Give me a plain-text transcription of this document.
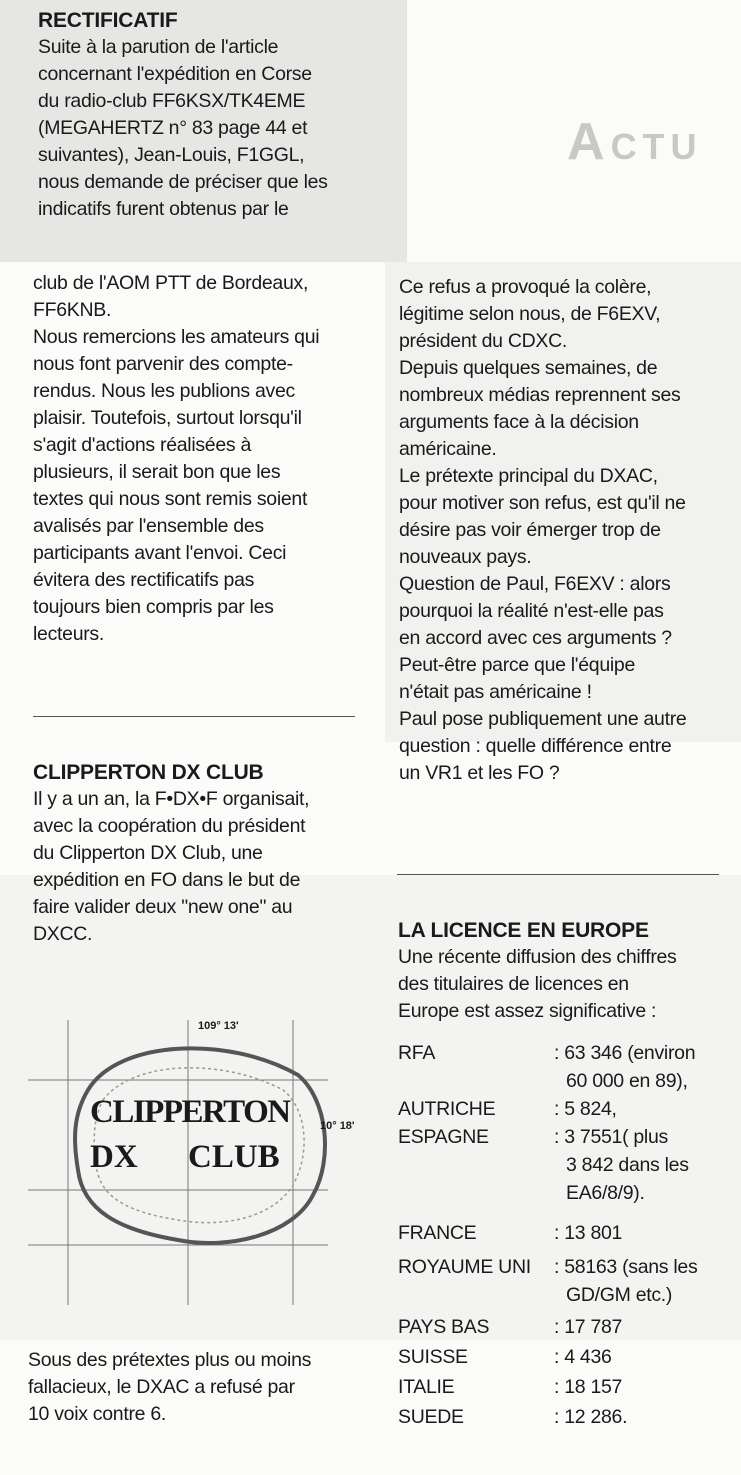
ACTU
RECTIFICATIF
Suite à la parution de l'article
concernant l'expédition en Corse
du radio-club FF6KSX/TK4EME
(MEGAHERTZ n° 83 page 44 et
suivantes), Jean-Louis, F1GGL,
nous demande de préciser que les
indicatifs furent obtenus par le
club de l'AOM PTT de Bordeaux,
FF6KNB.
Nous remercions les amateurs qui
nous font parvenir des compte-
rendus. Nous les publions avec
plaisir. Toutefois, surtout lorsqu'il
s'agit d'actions réalisées à
plusieurs, il serait bon que les
textes qui nous sont remis soient
avalisés par l'ensemble des
participants avant l'envoi. Ceci
évitera des rectificatifs pas
toujours bien compris par les
lecteurs.
CLIPPERTON DX CLUB
Il y a un an, la F•DX•F organisait,
avec la coopération du président
du Clipperton DX Club, une
expédition en FO dans le but de
faire valider deux "new one" au
DXCC.
109° 13'
10° 18'
CLIPPERTON
DX CLUB
Sous des prétextes plus ou moins
fallacieux, le DXAC a refusé par
10 voix contre 6.
Ce refus a provoqué la colère,
légitime selon nous, de F6EXV,
président du CDXC.
Depuis quelques semaines, de
nombreux médias reprennent ses
arguments face à la décision
américaine.
Le prétexte principal du DXAC,
pour motiver son refus, est qu'il ne
désire pas voir émerger trop de
nouveaux pays.
Question de Paul, F6EXV : alors
pourquoi la réalité n'est-elle pas
en accord avec ces arguments ?
Peut-être parce que l'équipe
n'était pas américaine !
Paul pose publiquement une autre
question : quelle différence entre
un VR1 et les FO ?
LA LICENCE EN EUROPE
Une récente diffusion des chiffres
des titulaires de licences en
Europe est assez significative :
RFA	: 63 346 (environ
60 000 en 89),
AUTRICHE	: 5 824,
ESPAGNE	: 3 7551( plus
3 842 dans les
EA6/8/9).
FRANCE	: 13 801
ROYAUME UNI : 58163 (sans les
GD/GM etc.)
PAYS BAS	: 17 787
SUISSE	: 4 436
ITALIE	: 18 157
SUEDE	: 12 286.
